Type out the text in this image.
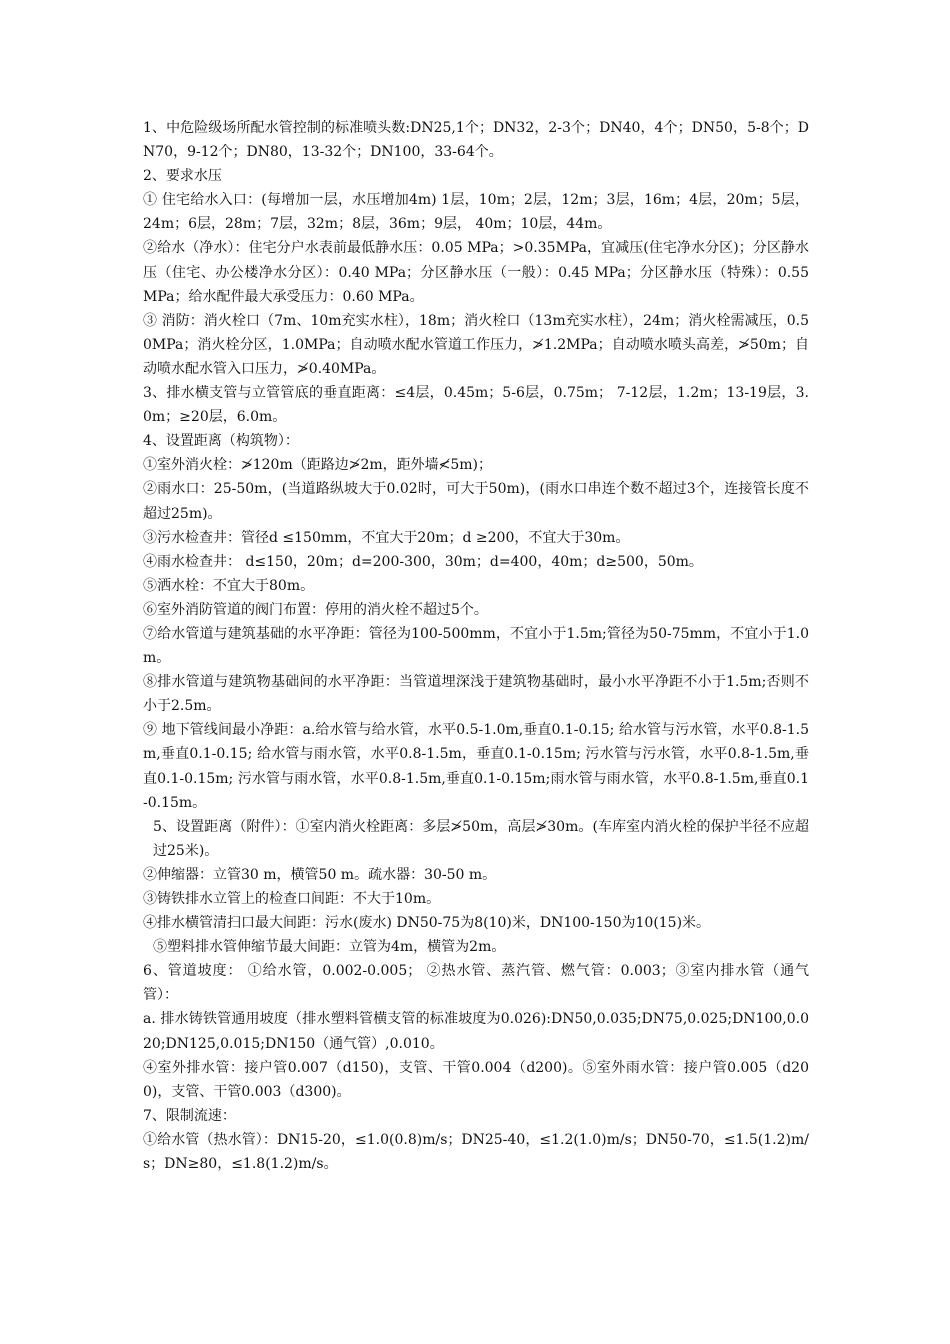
1、中危险级场所配水管控制的标准喷头数:DN25,1个；DN32，2-3个；DN40，4个；DN50，5-8个；DN70，9-12个；DN80，13-32个；DN100，33-64个。

2、要求水压

① 住宅给水入口：(每增加一层，水压增加4m) 1层，10m；2层，12m；3层，16m；4层，20m；5层，24m；6层，28m；7层，32m；8层，36m；9层， 40m；10层，44m。

②给水（净水）：住宅分户水表前最低静水压：0.05 MPa；>0.35MPa，宜减压(住宅净水分区)；分区静水压（住宅、办公楼净水分区）：0.40 MPa；分区静水压（一般）：0.45 MPa；分区静水压（特殊）：0.55 MPa；给水配件最大承受压力：0.60 MPa。

③ 消防：消火栓口（7m、10m充实水柱），18m；消火栓口（13m充实水柱），24m；消火栓需减压，0.50MPa；消火栓分区，1.0MPa；自动喷水配水管道工作压力，≯1.2MPa；自动喷水喷头高差，≯50m；自动喷水配水管入口压力，≯0.40MPa。

3、排水横支管与立管管底的垂直距离：≤4层，0.45m；5-6层，0.75m； 7-12层，1.2m；13-19层，3.0m；≥20层，6.0m。

4、设置距离（构筑物）：

①室外消火栓：≯120m（距路边≯2m，距外墙≮5m)；

②雨水口：25-50m，(当道路纵坡大于0.02时，可大于50m)，(雨水口串连个数不超过3个，连接管长度不超过25m)。

③污水检查井：管径d ≤150mm，不宜大于20m；d ≥200，不宜大于30m。

④雨水检查井： d≤150，20m；d=200-300，30m；d=400，40m；d≥500，50m。

⑤洒水栓：不宜大于80m。

⑥室外消防管道的阀门布置：停用的消火栓不超过5个。

⑦给水管道与建筑基础的水平净距：管径为100-500mm，不宜小于1.5m;管径为50-75mm，不宜小于1.0m。

⑧排水管道与建筑物基础间的水平净距：当管道埋深浅于建筑物基础时，最小水平净距不小于1.5m;否则不小于2.5m。

⑨ 地下管线间最小净距：a.给水管与给水管，水平0.5-1.0m,垂直0.1-0.15; 给水管与污水管，水平0.8-1.5m,垂直0.1-0.15; 给水管与雨水管，水平0.8-1.5m，垂直0.1-0.15m; 污水管与污水管，水平0.8-1.5m,垂直0.1-0.15m; 污水管与雨水管，水平0.8-1.5m,垂直0.1-0.15m;雨水管与雨水管，水平0.8-1.5m,垂直0.1-0.15m。

5、设置距离（附件）：①室内消火栓距离：多层≯50m，高层≯30m。(车库室内消火栓的保护半径不应超过25米)。

②伸缩器：立管30 m，横管50 m。疏水器：30-50 m。

③铸铁排水立管上的检查口间距：不大于10m。

④排水横管清扫口最大间距：污水(废水) DN50-75为8(10)米，DN100-150为10(15)米。

⑤塑料排水管伸缩节最大间距：立管为4m，横管为2m。

6、管道坡度： ①给水管，0.002-0.005； ②热水管、蒸汽管、燃气管：0.003；③室内排水管（通气管）：

a. 排水铸铁管通用坡度（排水塑料管横支管的标准坡度为0.026):DN50,0.035;DN75,0.025;DN100,0.020;DN125,0.015;DN150（通气管）,0.010。

④室外排水管：接户管0.007（d150)，支管、干管0.004（d200)。⑤室外雨水管：接户管0.005（d200)，支管、干管0.003（d300)。

7、限制流速：

①给水管（热水管）：DN15-20，≤1.0(0.8)m/s；DN25-40，≤1.2(1.0)m/s；DN50-70，≤1.5(1.2)m/s；DN≥80，≤1.8(1.2)m/s。
